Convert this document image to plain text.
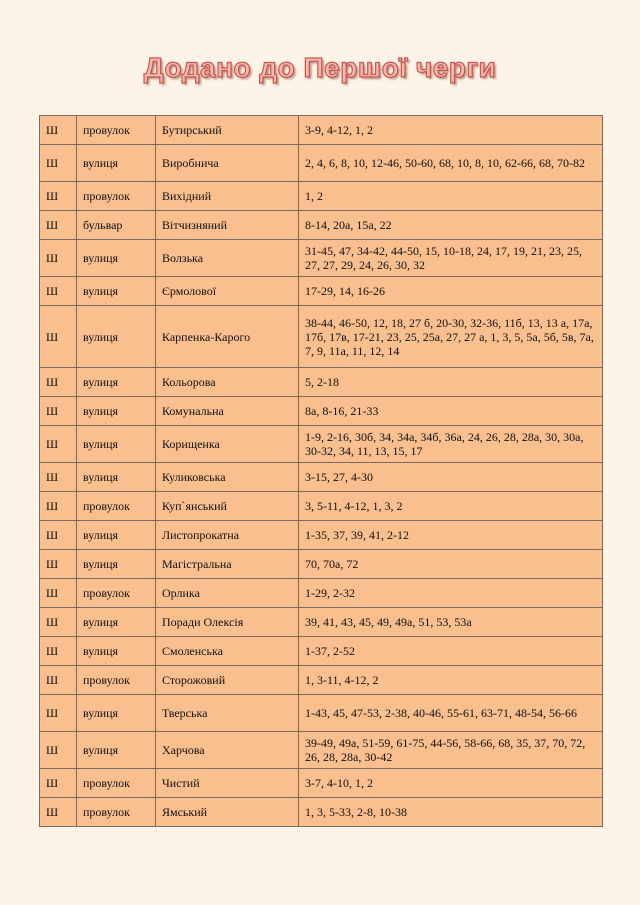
Додано до Першої черги
Ш	провулок	Бутирський	3-9, 4-12, 1, 2
Ш	вулиця	Виробнича	2, 4, 6, 8, 10, 12-46, 50-60, 68, 10, 8, 10, 62-66, 68, 70-82
Ш	провулок	Вихідний	1, 2
Ш	бульвар	Вітчизняний	8-14, 20а, 15а, 22
Ш	вулиця	Волзька	31-45, 47, 34-42, 44-50, 15, 10-18, 24, 17, 19, 21, 23, 25, 27, 27, 29, 24, 26, 30, 32
Ш	вулиця	Єрмолової	17-29, 14, 16-26
Ш	вулиця	Карпенка-Карого	38-44, 46-50, 12, 18, 27 б, 20-30, 32-36, 11б, 13, 13 а, 17а, 17б, 17в, 17-21, 23, 25, 25а, 27, 27 а, 1, 3, 5, 5а, 5б, 5в, 7а, 7, 9, 11а, 11, 12, 14
Ш	вулиця	Кольорова	5, 2-18
Ш	вулиця	Комунальна	8а, 8-16, 21-33
Ш	вулиця	Корищенка	1-9, 2-16, 30б, 34, 34а, 34б, 36а, 24, 26, 28, 28а, 30, 30а, 30-32, 34, 11, 13, 15, 17
Ш	вулиця	Куликовська	3-15, 27, 4-30
Ш	провулок	Куп`янський	3, 5-11, 4-12, 1, 3, 2
Ш	вулиця	Листопрокатна	1-35, 37, 39, 41, 2-12
Ш	вулиця	Магістральна	70, 70а, 72
Ш	провулок	Орлика	1-29, 2-32
Ш	вулиця	Поради Олексія	39, 41, 43, 45, 49, 49а, 51, 53, 53а
Ш	вулиця	Смоленська	1-37, 2-52
Ш	провулок	Сторожовий	1, 3-11, 4-12, 2
Ш	вулиця	Тверська	1-43, 45, 47-53, 2-38, 40-46, 55-61, 63-71, 48-54, 56-66
Ш	вулиця	Харчова	39-49, 49а, 51-59, 61-75, 44-56, 58-66, 68, 35, 37, 70, 72, 26, 28, 28а, 30-42
Ш	провулок	Чистий	3-7, 4-10, 1, 2
Ш	провулок	Ямський	1, 3, 5-33, 2-8, 10-38
